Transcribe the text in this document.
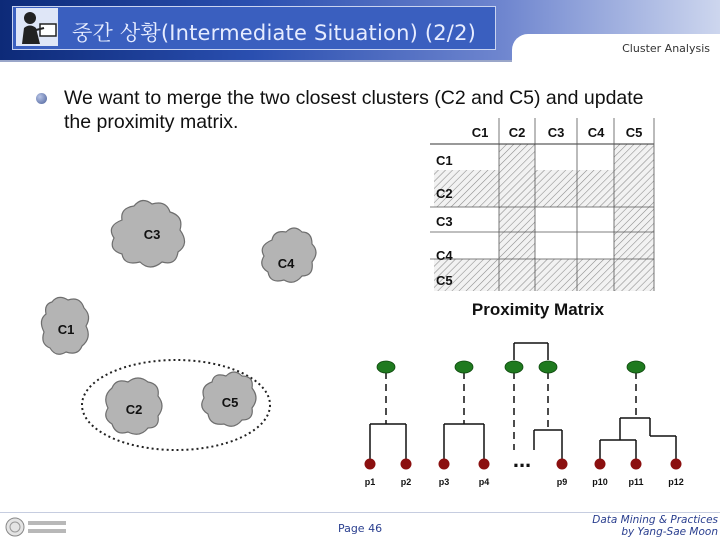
중간 상황(Intermediate Situation) (2/2)
Cluster Analysis
We want to merge the two closest clusters (C2 and C5) and update the proximity matrix.
C3
C4
C1
C2	C5
C1 C2 C3 C4 C5
C1
C2
C3
C4
C5
Proximity Matrix
...
p1	p2	p3	p4	p9	p10 p11	p12
Page 46
Data Mining & Practices
by Yang-Sae Moon
